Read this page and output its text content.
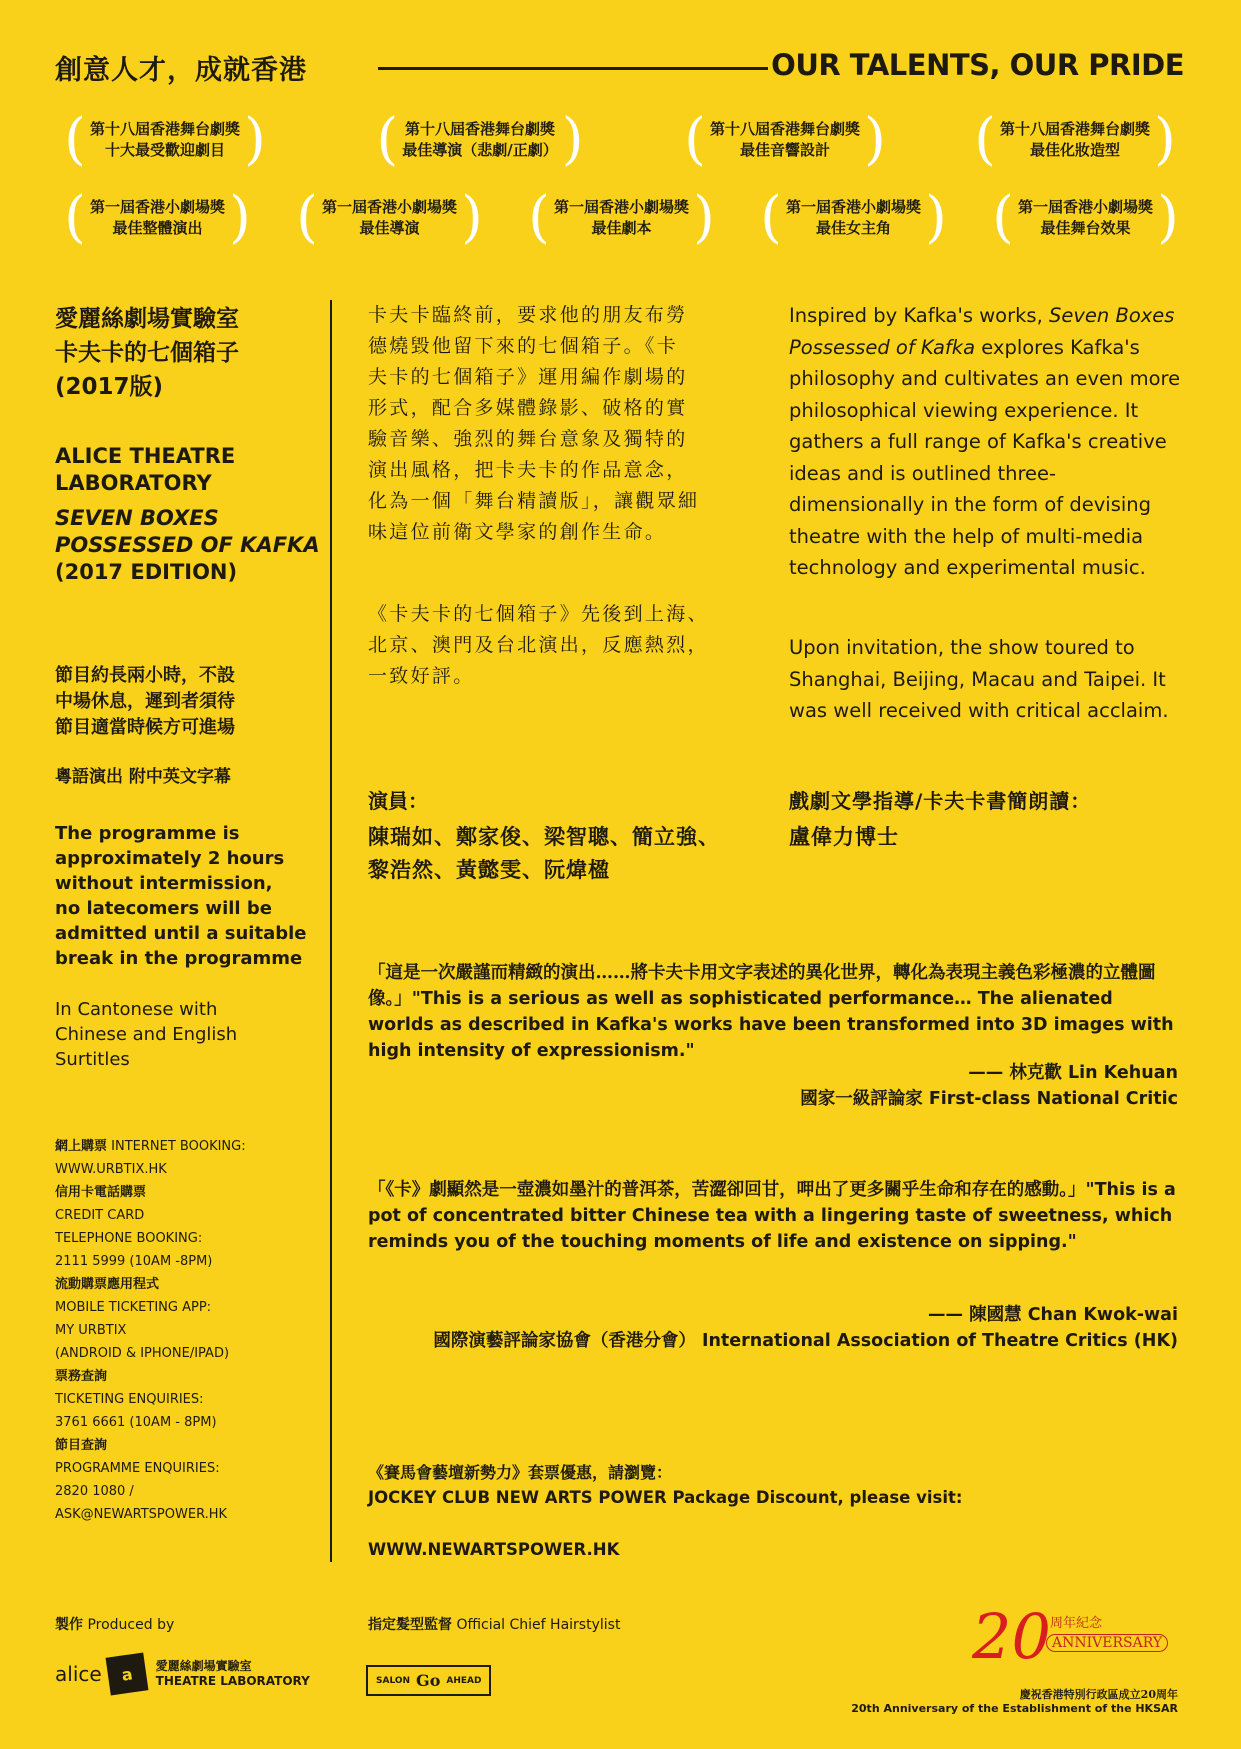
創意人才，成就香港	OUR TALENTS, OUR PRIDE
( 第十八屆香港舞台劇獎
十大最受歡迎劇目 ) ( 第十八屆香港舞台劇獎
最佳導演（悲劇/正劇） ) ( 第十八屆香港舞台劇獎
最佳音響設計 ) ( 第十八屆香港舞台劇獎
最佳化妝造型 )
( 第一屆香港小劇場獎
最佳整體演出 ) ( 第一屆香港小劇場獎
最佳導演 ) ( 第一屆香港小劇場獎
最佳劇本 ) ( 第一屆香港小劇場獎
最佳女主角 ) ( 第一屆香港小劇場獎
最佳舞台效果 )
愛麗絲劇場實驗室
卡夫卡的七個箱子
(2017版)
ALICE THEATRE
LABORATORY
SEVEN BOXES
POSSESSED OF KAFKA
(2017 EDITION)
節目約長兩小時，不設
中場休息，遲到者須待
節目適當時候方可進場
粵語演出 附中英文字幕
The programme is
approximately 2 hours
without intermission,
no latecomers will be
admitted until a suitable
break in the programme
In Cantonese with
Chinese and English
Surtitles
網上購票 INTERNET BOOKING:
WWW.URBTIX.HK
信用卡電話購票
CREDIT CARD
TELEPHONE BOOKING:
2111 5999 (10AM -8PM)
流動購票應用程式
MOBILE TICKETING APP:
MY URBTIX
(ANDROID & IPHONE/IPAD)
票務查詢
TICKETING ENQUIRIES:
3761 6661 (10AM - 8PM)
節目查詢
PROGRAMME ENQUIRIES:
2820 1080 /
ASK@NEWARTSPOWER.HK
卡夫卡臨終前，要求他的朋友布勞
德燒毀他留下來的七個箱子。《卡
夫卡的七個箱子》運用編作劇場的
形式，配合多媒體錄影、破格的實
驗音樂、強烈的舞台意象及獨特的
演出風格，把卡夫卡的作品意念，
化為一個「舞台精讀版」，讓觀眾細
味這位前衛文學家的創作生命。
《卡夫卡的七個箱子》先後到上海、
北京、澳門及台北演出，反應熱烈，
一致好評。
Inspired by Kafka's works, Seven Boxes Possessed of Kafka explores Kafka's philosophy and cultivates an even more philosophical viewing experience. It gathers a full range of Kafka's creative ideas and is outlined three-dimensionally in the form of devising theatre with the help of multi-media technology and experimental music.
Upon invitation, the show toured to Shanghai, Beijing, Macau and Taipei. It was well received with critical acclaim.
演員：
陳瑞如、鄭家俊、梁智聰、簡立強、
黎浩然、黃懿雯、阮煒楹
戲劇文學指導/卡夫卡書簡朗讀：
盧偉力博士
「這是一次嚴謹而精緻的演出……將卡夫卡用文字表述的異化世界，轉化為表現主義色彩極濃的立體圖像。」"This is a serious as well as sophisticated performance… The alienated worlds as described in Kafka's works have been transformed into 3D images with high intensity of expressionism."
—— 林克歡 Lin Kehuan
國家一級評論家 First-class National Critic
「《卡》劇顯然是一壺濃如墨汁的普洱茶，苦澀卻回甘，呷出了更多關乎生命和存在的感動。」"This is a pot of concentrated bitter Chinese tea with a lingering taste of sweetness, which reminds you of the touching moments of life and existence on sipping."
—— 陳國慧 Chan Kwok-wai
國際演藝評論家協會（香港分會） International Association of Theatre Critics (HK)
《賽馬會藝壇新勢力》套票優惠，請瀏覽：
JOCKEY CLUB NEW ARTS POWER Package Discount, please visit:
WWW.NEWARTSPOWER.HK
製作 Produced by
alice a 愛麗絲劇場實驗室
THEATRE LABORATORY
指定髮型監督 Official Chief Hairstylist
SALON Go AHEAD
20 周年紀念
ANNIVERSARY
慶祝香港特別行政區成立20周年
20th Anniversary of the Establishment of the HKSAR
